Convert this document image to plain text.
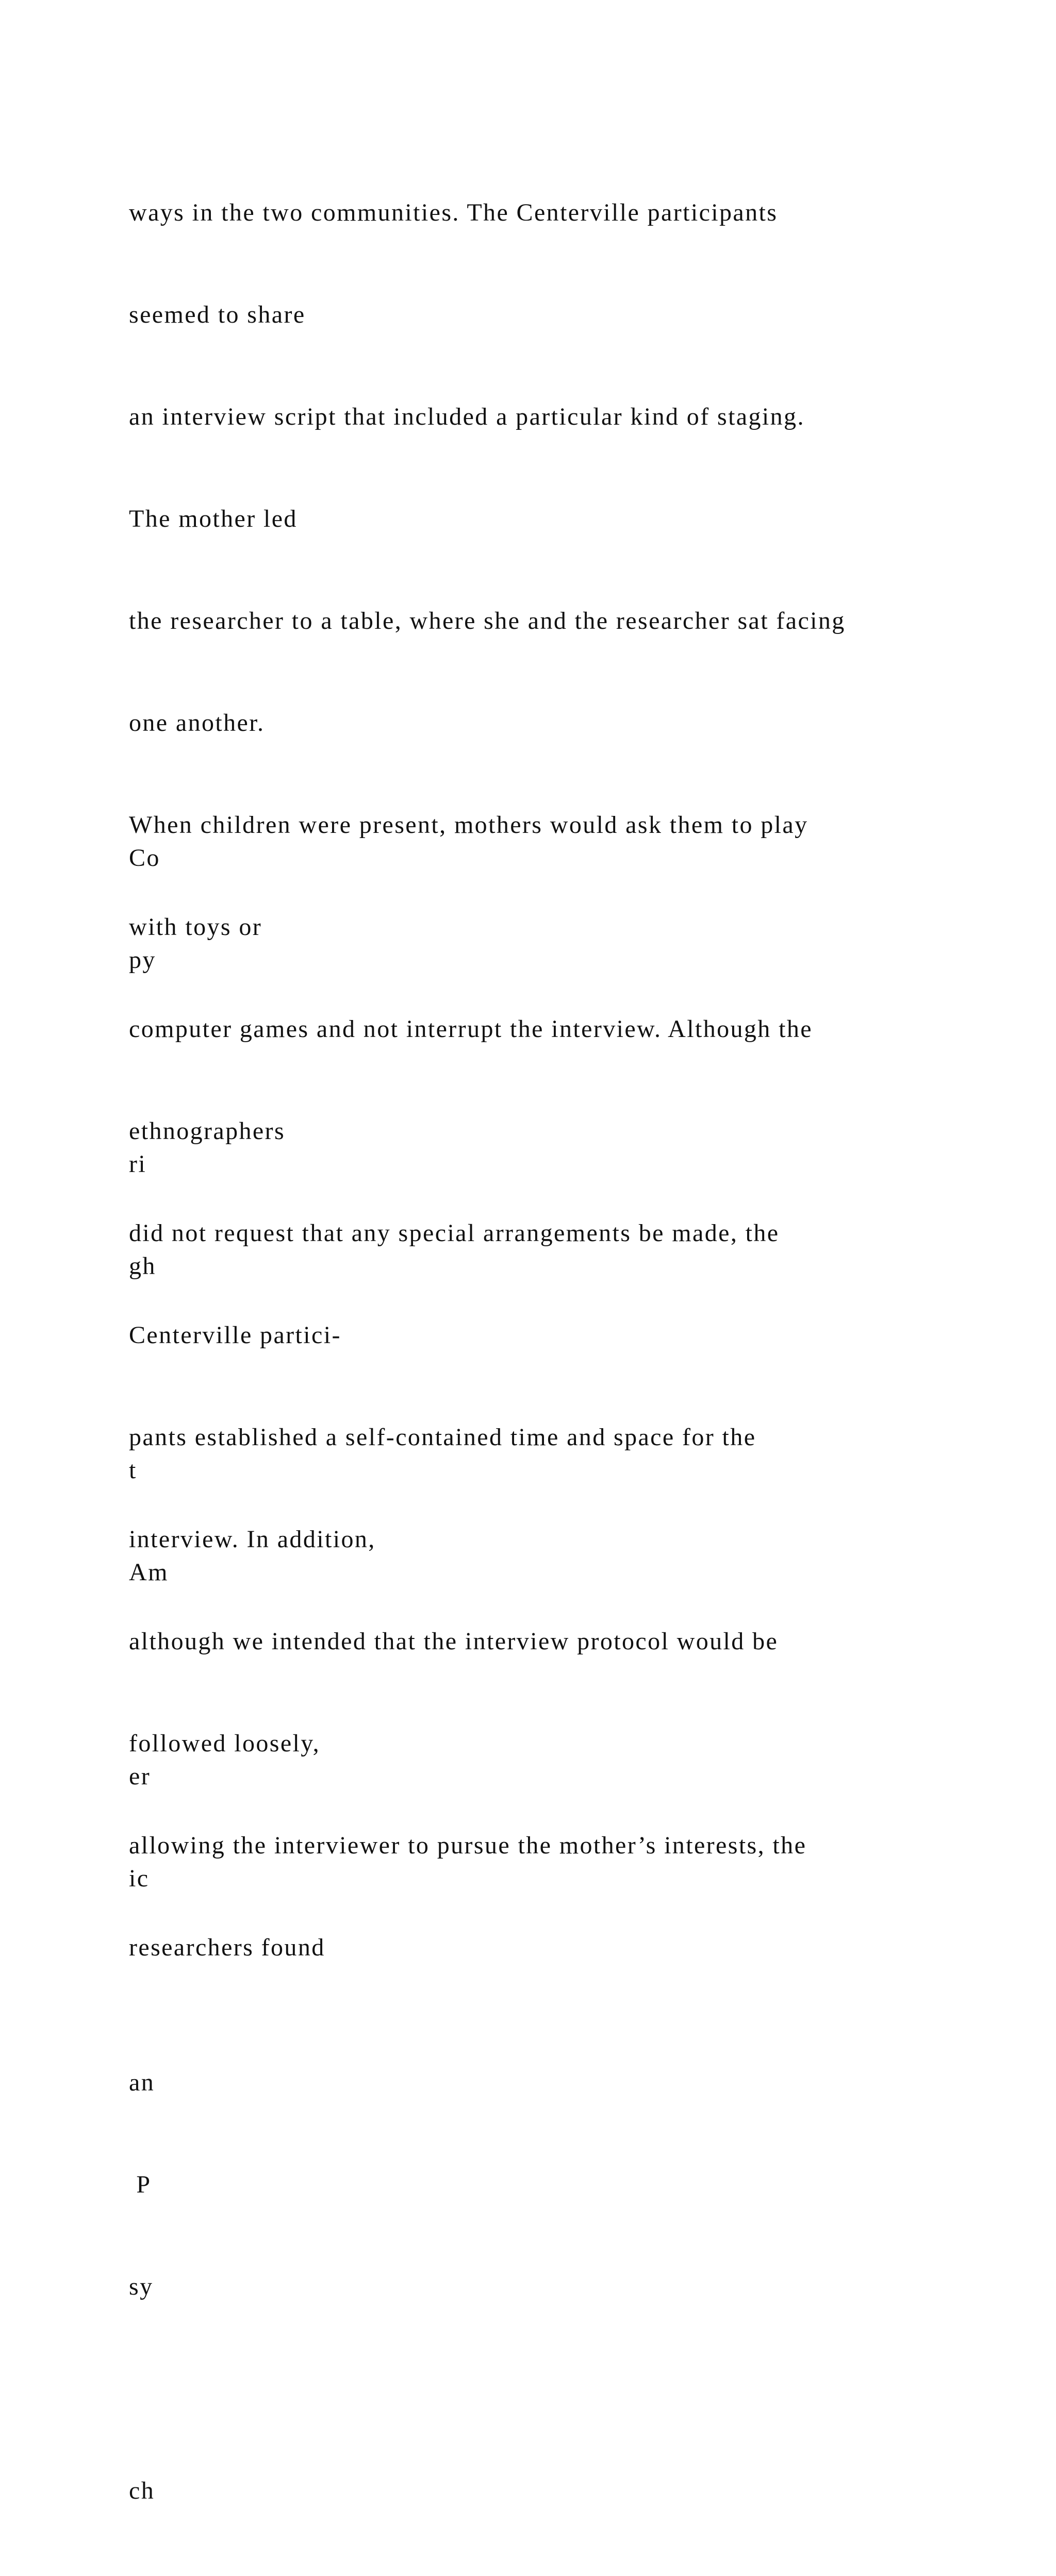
ways in the two communities. The Centerville participants

seemed to share

an interview script that included a particular kind of staging.

The mother led

the researcher to a table, where she and the researcher sat facing

one another.

When children were present, mothers would ask them to play

with toys or

computer games and not interrupt the interview. Although the

ethnographers

did not request that any special arrangements be made, the

Centerville partici-

pants established a self-contained time and space for the

interview. In addition,

although we intended that the interview protocol would be

followed loosely,

allowing the interviewer to pursue the mother’s interests, the

researchers found

Co

py

ri

gh

t

Am

er

ic

an

P

sy

ch
